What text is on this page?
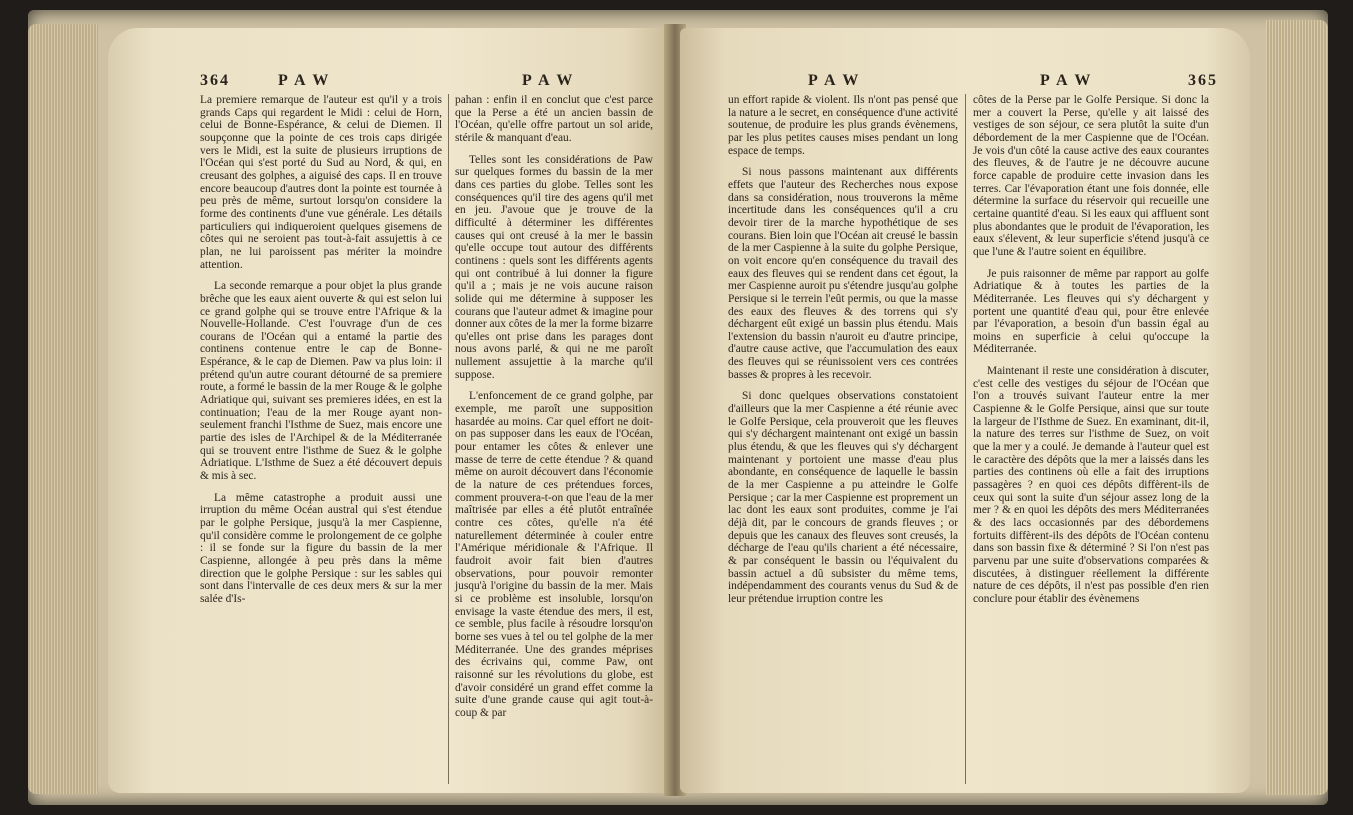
364	P A W	P A W

La premiere remarque de l'auteur est qu'il y a trois grands Caps qui regardent le Midi : celui de Horn, celui de Bonne-Espérance, & celui de Diemen. Il soupçonne que la pointe de ces trois caps dirigée vers le Midi, est la suite de plusieurs irruptions de l'Océan qui s'est porté du Sud au Nord, & qui, en creusant des golphes, a aiguisé des caps. Il en trouve encore beaucoup d'autres dont la pointe est tournée à peu près de même, surtout lorsqu'on considere la forme des continents d'une vue générale. Les détails particuliers qui indiqueroient quelques gisemens de côtes qui ne seroient pas tout-à-fait assujettis à ce plan, ne lui paroissent pas mériter la moindre attention.

La seconde remarque a pour objet la plus grande brêche que les eaux aient ouverte & qui est selon lui ce grand golphe qui se trouve entre l'Afrique & la Nouvelle-Hollande. C'est l'ouvrage d'un de ces courans de l'Océan qui a entamé la partie des continens contenue entre le cap de Bonne-Espérance, & le cap de Diemen. Paw va plus loin: il prétend qu'un autre courant détourné de sa premiere route, a formé le bassin de la mer Rouge & le golphe Adriatique qui, suivant ses premieres idées, en est la continuation; l'eau de la mer Rouge ayant non-seulement franchi l'Isthme de Suez, mais encore une partie des isles de l'Archipel & de la Méditerranée qui se trouvent entre l'isthme de Suez & le golphe Adriatique. L'Isthme de Suez a été découvert depuis & mis à sec.

La même catastrophe a produit aussi une irruption du même Océan austral qui s'est étendue par le golphe Persique, jusqu'à la mer Caspienne, qu'il considère comme le prolongement de ce golphe : il se fonde sur la figure du bassin de la mer Caspienne, allongée à peu près dans la même direction que le golphe Persique : sur les sables qui sont dans l'intervalle de ces deux mers & sur la mer salée d'Is-

pahan : enfin il en conclut que c'est parce que la Perse a été un ancien bassin de l'Océan, qu'elle offre partout un sol aride, stérile & manquant d'eau.

Telles sont les considérations de Paw sur quelques formes du bassin de la mer dans ces parties du globe. Telles sont les conséquences qu'il tire des agens qu'il met en jeu. J'avoue que je trouve de la difficulté à déterminer les différentes causes qui ont creusé à la mer le bassin qu'elle occupe tout autour des différents continens : quels sont les différents agents qui ont contribué à lui donner la figure qu'il a ; mais je ne vois aucune raison solide qui me détermine à supposer les courans que l'auteur admet & imagine pour donner aux côtes de la mer la forme bizarre qu'elles ont prise dans les parages dont nous avons parlé, & qui ne me paroît nullement assujettie à la marche qu'il suppose.

L'enfoncement de ce grand golphe, par exemple, me paroît une supposition hasardée au moins. Car quel effort ne doit-on pas supposer dans les eaux de l'Océan, pour entamer les côtes & enlever une masse de terre de cette étendue ? & quand même on auroit découvert dans l'économie de la nature de ces prétendues forces, comment prouvera-t-on que l'eau de la mer maîtrisée par elles a été plutôt entraînée contre ces côtes, qu'elle n'a été naturellement déterminée à couler entre l'Amérique méridionale & l'Afrique. Il faudroit avoir fait bien d'autres observations, pour pouvoir remonter jusqu'à l'origine du bassin de la mer. Mais si ce problème est insoluble, lorsqu'on envisage la vaste étendue des mers, il est, ce semble, plus facile à résoudre lorsqu'on borne ses vues à tel ou tel golphe de la mer Méditerranée. Une des grandes méprises des écrivains qui, comme Paw, ont raisonné sur les révolutions du globe, est d'avoir considéré un grand effet comme la suite d'une grande cause qui agit tout-à-coup & par

P A W	P A W	365

un effort rapide & violent. Ils n'ont pas pensé que la nature a le secret, en conséquence d'une activité soutenue, de produire les plus grands évènemens, par les plus petites causes mises pendant un long espace de temps.

Si nous passons maintenant aux différents effets que l'auteur des Recherches nous expose dans sa considération, nous trouverons la même incertitude dans les conséquences qu'il a cru devoir tirer de la marche hypothétique de ses courans. Bien loin que l'Océan ait creusé le bassin de la mer Caspienne à la suite du golphe Persique, on voit encore qu'en conséquence du travail des eaux des fleuves qui se rendent dans cet égout, la mer Caspienne auroit pu s'étendre jusqu'au golphe Persique si le terrein l'eût permis, ou que la masse des eaux des fleuves & des torrens qui s'y déchargent eût exigé un bassin plus étendu. Mais l'extension du bassin n'auroit eu d'autre principe, d'autre cause active, que l'accumulation des eaux des fleuves qui se réunissoient vers ces contrées basses & propres à les recevoir.

Si donc quelques observations constatoient d'ailleurs que la mer Caspienne a été réunie avec le Golfe Persique, cela prouveroit que les fleuves qui s'y déchargent maintenant ont exigé un bassin plus étendu, & que les fleuves qui s'y déchargent maintenant y portoient une masse d'eau plus abondante, en conséquence de laquelle le bassin de la mer Caspienne a pu atteindre le Golfe Persique ; car la mer Caspienne est proprement un lac dont les eaux sont produites, comme je l'ai déjà dit, par le concours de grands fleuves ; or depuis que les canaux des fleuves sont creusés, la décharge de l'eau qu'ils charient a été nécessaire, & par conséquent le bassin ou l'équivalent du bassin actuel a dû subsister du même tems, indépendamment des courants venus du Sud & de leur prétendue irruption contre les

côtes de la Perse par le Golfe Persique. Si donc la mer a couvert la Perse, qu'elle y ait laissé des vestiges de son séjour, ce sera plutôt la suite d'un débordement de la mer Caspienne que de l'Océan. Je vois d'un côté la cause active des eaux courantes des fleuves, & de l'autre je ne découvre aucune force capable de produire cette invasion dans les terres. Car l'évaporation étant une fois donnée, elle détermine la surface du réservoir qui recueille une certaine quantité d'eau. Si les eaux qui affluent sont plus abondantes que le produit de l'évaporation, les eaux s'élevent, & leur superficie s'étend jusqu'à ce que l'une & l'autre soient en équilibre.

Je puis raisonner de même par rapport au golfe Adriatique & à toutes les parties de la Méditerranée. Les fleuves qui s'y déchargent y portent une quantité d'eau qui, pour être enlevée par l'évaporation, a besoin d'un bassin égal au moins en superficie à celui qu'occupe la Méditerranée.

Maintenant il reste une considération à discuter, c'est celle des vestiges du séjour de l'Océan que l'on a trouvés suivant l'auteur entre la mer Caspienne & le Golfe Persique, ainsi que sur toute la largeur de l'Isthme de Suez. En examinant, dit-il, la nature des terres sur l'isthme de Suez, on voit que la mer y a coulé. Je demande à l'auteur quel est le caractère des dépôts que la mer a laissés dans les parties des continens où elle a fait des irruptions passagères ? en quoi ces dépôts diffèrent-ils de ceux qui sont la suite d'un séjour assez long de la mer ? & en quoi les dépôts des mers Méditerranées & des lacs occasionnés par des débordemens fortuits diffèrent-ils des dépôts de l'Océan contenu dans son bassin fixe & déterminé ? Si l'on n'est pas parvenu par une suite d'observations comparées & discutées, à distinguer réellement la différente nature de ces dépôts, il n'est pas possible d'en rien conclure pour établir des évènemens
